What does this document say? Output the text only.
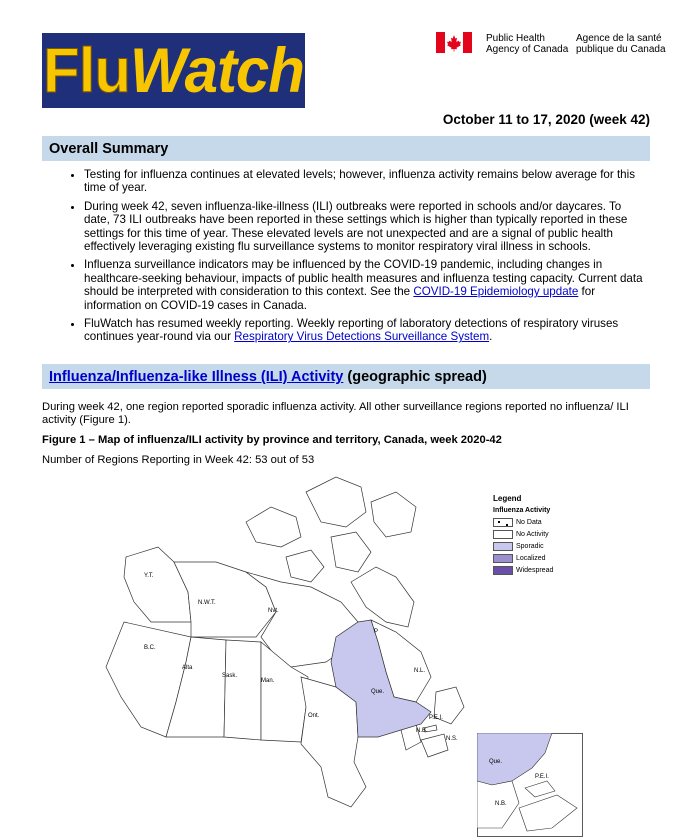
Flu Watch	Public Health
Agency of Canada
Agence de la santé
publique du Canada
October 11 to 17, 2020 (week 42)
Overall Summary
• Testing for influenza continues at elevated levels; however, influenza activity remains below average for this time of year.
• During week 42, seven influenza-like-illness (ILI) outbreaks were reported in schools and/or daycares. To date, 73 ILI outbreaks have been reported in these settings which is higher than typically reported in these settings for this time of year. These elevated levels are not unexpected and are a signal of public health effectively leveraging existing flu surveillance systems to monitor respiratory viral illness in schools.
• Influenza surveillance indicators may be influenced by the COVID-19 pandemic, including changes in healthcare-seeking behaviour, impacts of public health measures and influenza testing capacity. Current data should be interpreted with consideration to this context. See the COVID-19 Epidemiology update for information on COVID-19 cases in Canada.
• FluWatch has resumed weekly reporting. Weekly reporting of laboratory detections of respiratory viruses continues year-round via our Respiratory Virus Detections Surveillance System.
Influenza/Influenza-like Illness (ILI) Activity (geographic spread)
During week 42, one region reported sporadic influenza activity. All other surveillance regions reported no influenza/ ILI activity (Figure 1).
Figure 1 – Map of influenza/ILI activity by province and territory, Canada, week 2020-42
Number of Regions Reporting in Week 42: 53 out of 53
Y.T.
N.W.T.
Nvt.
B.C.
Alta
Sask.
Man.
Ont.
Que.
N.L.
P
P.E.I.
N.S.
N.B.
Que.
P.E.I.
N.B.
Legend
Influenza Activity
No Data
No Activity
Sporadic
Localized
Widespread
